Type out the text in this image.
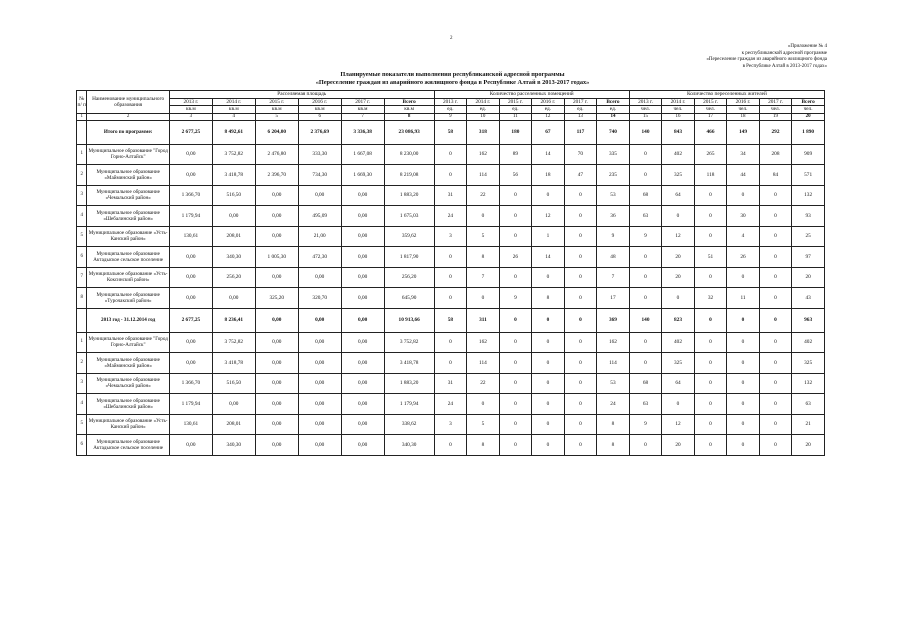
2
«Приложение № 4
к республиканской адресной программе
«Переселение граждан из аварийного жилищного фонда
в Республике Алтай в 2013-2017 годах»
Планируемые показатели выполнения республиканской адресной программы
«Переселение граждан из аварийного жилищного фонда в Республике Алтай в 2013-2017 годах»
№ п/ п	Наименование муниципального образования	Расселяемая площадь						Количество расселенных помещений						Количество переселенных жителей					
		2013 г.	2014 г.	2015 г.	2016 г.	2017 г.	Всего	2013 г.	2014 г.	2015 г.	2016 г.	2017 г.	Всего	2013 г.	2014 г.	2015 г.	2016 г.	2017 г.	Всего
		кв.м	кв.м	кв.м	кв.м	кв.м	кв.м	ед.	ед.	ед.	ед.	ед.	ед.	чел.	чел.	чел.	чел.	чел.	чел.
1	2	3	4	5	6	7	8	9	10	11	12	13	14	15	16	17	18	19	20
	Итого по программе:	2 677,25	8 492,61	6 204,00	2 376,69	3 336,38	23 086,93	58	318	180	67	117	740	140	843	466	149	292	1 890
1	Муниципальное образование "Город Горно-Алтайск"	0,00	3 752,82	2 476,80	333,30	1 667,08	8 230,00	0	162	89	14	70	335	0	402	265	34	208	909
2	Муниципальное образование «Майминский район»	0,00	3 418,78	2 396,70	734,30	1 669,30	8 219,08	0	114	56	18	47	235	0	325	118	44	84	571
3	Муниципальное образование «Чемальский район»	1 366,70	516,50	0,00	0,00	0,00	1 883,20	31	22	0	0	0	53	68	64	0	0	0	132
4	Муниципальное образование «Шебалинский район»	1 179,94	0,00	0,00	495,09	0,00	1 675,03	24	0	0	12	0	36	63	0	0	30	0	93
5	Муниципальное образование «Усть-Канский район»	130,61	208,01	0,00	21,00	0,00	359,62	3	5	0	1	0	9	9	12	0	4	0	25
6	Муниципальное образование Актадыское сельское поселение	0,00	340,30	1 005,30	472,30	0,00	1 817,90	0	8	26	14	0	48	0	20	51	26	0	97
7	Муниципальное образование «Усть-Коксинский район»	0,00	256,20	0,00	0,00	0,00	256,20	0	7	0	0	0	7	0	20	0	0	0	20
8	Муниципальное образование «Турочакский район»	0,00	0,00	325,20	320,70	0,00	645,90	0	0	9	8	0	17	0	0	32	11	0	43
	2013 год - 31.12.2014 год	2 677,25	8 236,41	0,00	0,00	0,00	10 913,66	58	311	0	0	0	369	140	823	0	0	0	963
1	Муниципальное образование "Город Горно-Алтайск"	0,00	3 752,82	0,00	0,00	0,00	3 752,82	0	162	0	0	0	162	0	402	0	0	0	402
2	Муниципальное образование «Майминский район»	0,00	3 418,78	0,00	0,00	0,00	3 418,78	0	114	0	0	0	114	0	325	0	0	0	325
3	Муниципальное образование «Чемальский район»	1 366,70	516,50	0,00	0,00	0,00	1 883,20	31	22	0	0	0	53	68	64	0	0	0	132
4	Муниципальное образование «Шебалинский район»	1 179,94	0,00	0,00	0,00	0,00	1 179,94	24	0	0	0	0	24	63	0	0	0	0	63
5	Муниципальное образование «Усть-Канский район»	130,61	208,01	0,00	0,00	0,00	338,62	3	5	0	0	0	8	9	12	0	0	0	21
6	Муниципальное образование Актадыское сельское поселение	0,00	340,30	0,00	0,00	0,00	340,30	0	8	0	0	0	8	0	20	0	0	0	20
